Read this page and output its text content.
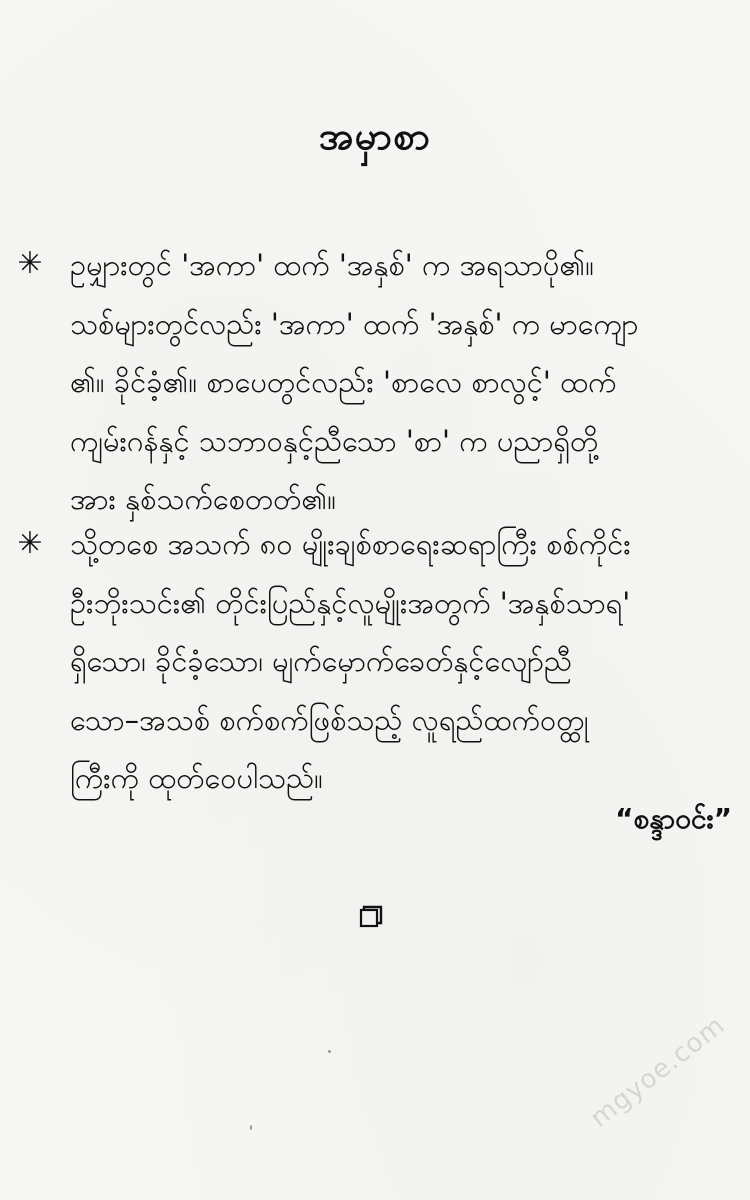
အမှာစာ
✳ ဥမျှားတွင် 'အကာ' ထက် 'အနှစ်' က အရသာပို၏။
သစ်များတွင်လည်း 'အကာ' ထက် 'အနှစ်' က မာကျော
၏။ ခိုင်ခံ့၏။ စာပေတွင်လည်း 'စာလေ စာလွင့်' ထက်
ကျမ်းဂန်နှင့် သဘာဝနှင့်ညီသော 'စာ' က ပညာရှိတို့
အား နှစ်သက်စေတတ်၏။
✳ သို့တစေ အသက် ၈၀ မျိုးချစ်စာရေးဆရာကြီး စစ်ကိုင်း
ဦးဘိုးသင်း၏ တိုင်းပြည်နှင့်လူမျိုးအတွက် 'အနှစ်သာရ'
ရှိသော၊ ခိုင်ခံ့သော၊ မျက်မှောက်ခေတ်နှင့်လျော်ညီ
သော–အသစ် စက်စက်ဖြစ်သည့် လူရည်ထက်ဝတ္ထု
ကြီးကို ထုတ်ဝေပါသည်။
“စန္ဒာဝင်း”
mgyoe.com
